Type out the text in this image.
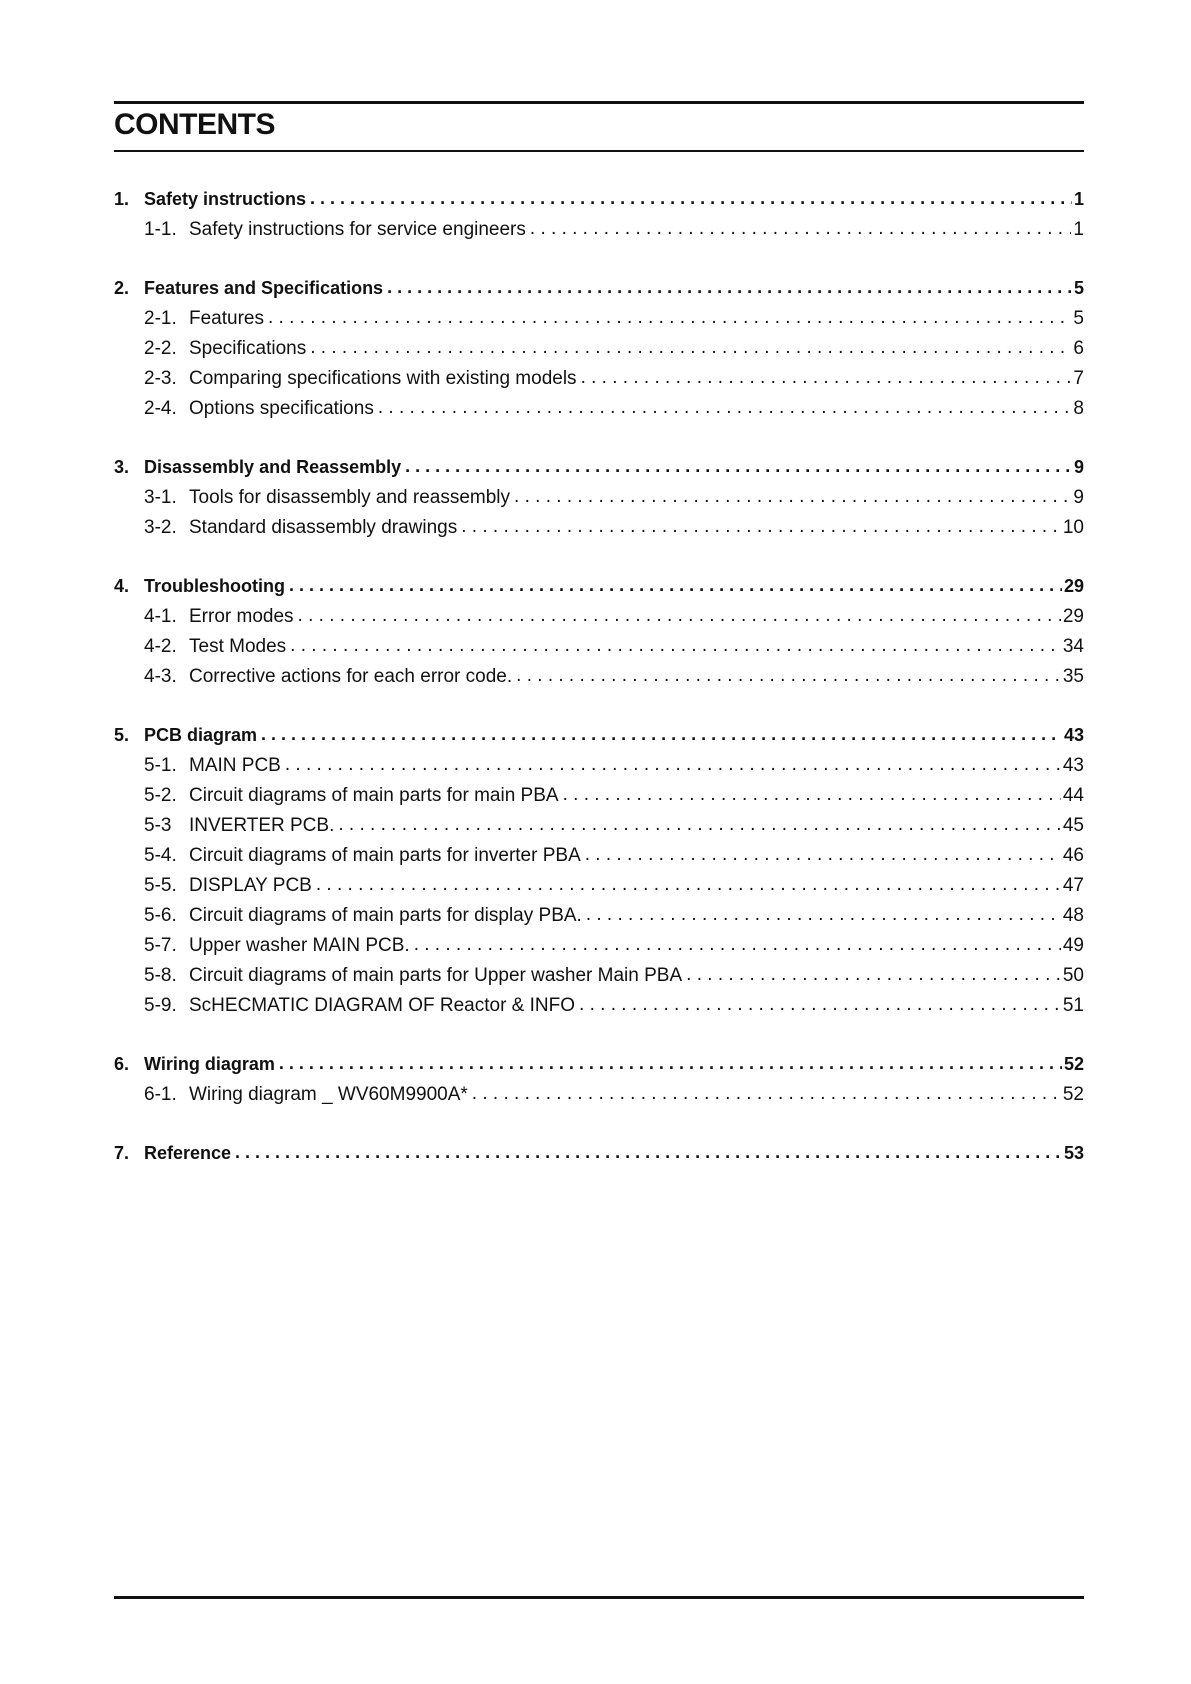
CONTENTS
1. Safety instructions . . .	1
1-1. Safety instructions for service engineers . . .	1
2. Features and Specifications . . .	5
2-1. Features . . .	5
2-2. Specifications . . .	6
2-3. Comparing specifications with existing models . . .	7
2-4. Options specifications . . .	8
3. Disassembly and Reassembly . . .	9
3-1. Tools for disassembly and reassembly . . .	9
3-2. Standard disassembly drawings . . .	10
4. Troubleshooting . . .	29
4-1. Error modes . . .	29
4-2. Test Modes . . .	34
4-3. Corrective actions for each error code. . . .	35
5. PCB diagram . . .	43
5-1. MAIN PCB . . .	43
5-2. Circuit diagrams of main parts for main PBA . . .	44
5-3 INVERTER PCB. . . .	45
5-4. Circuit diagrams of main parts for inverter PBA . . .	46
5-5. DISPLAY PCB . . .	47
5-6. Circuit diagrams of main parts for display PBA. . . .	48
5-7. Upper washer MAIN PCB. . . .	49
5-8. Circuit diagrams of main parts for Upper washer Main PBA . . .	50
5-9. ScHECMATIC DIAGRAM OF Reactor & INFO . . .	51
6. Wiring diagram . . .	52
6-1. Wiring diagram _ WV60M9900A* . . .	52
7. Reference . . .	53
